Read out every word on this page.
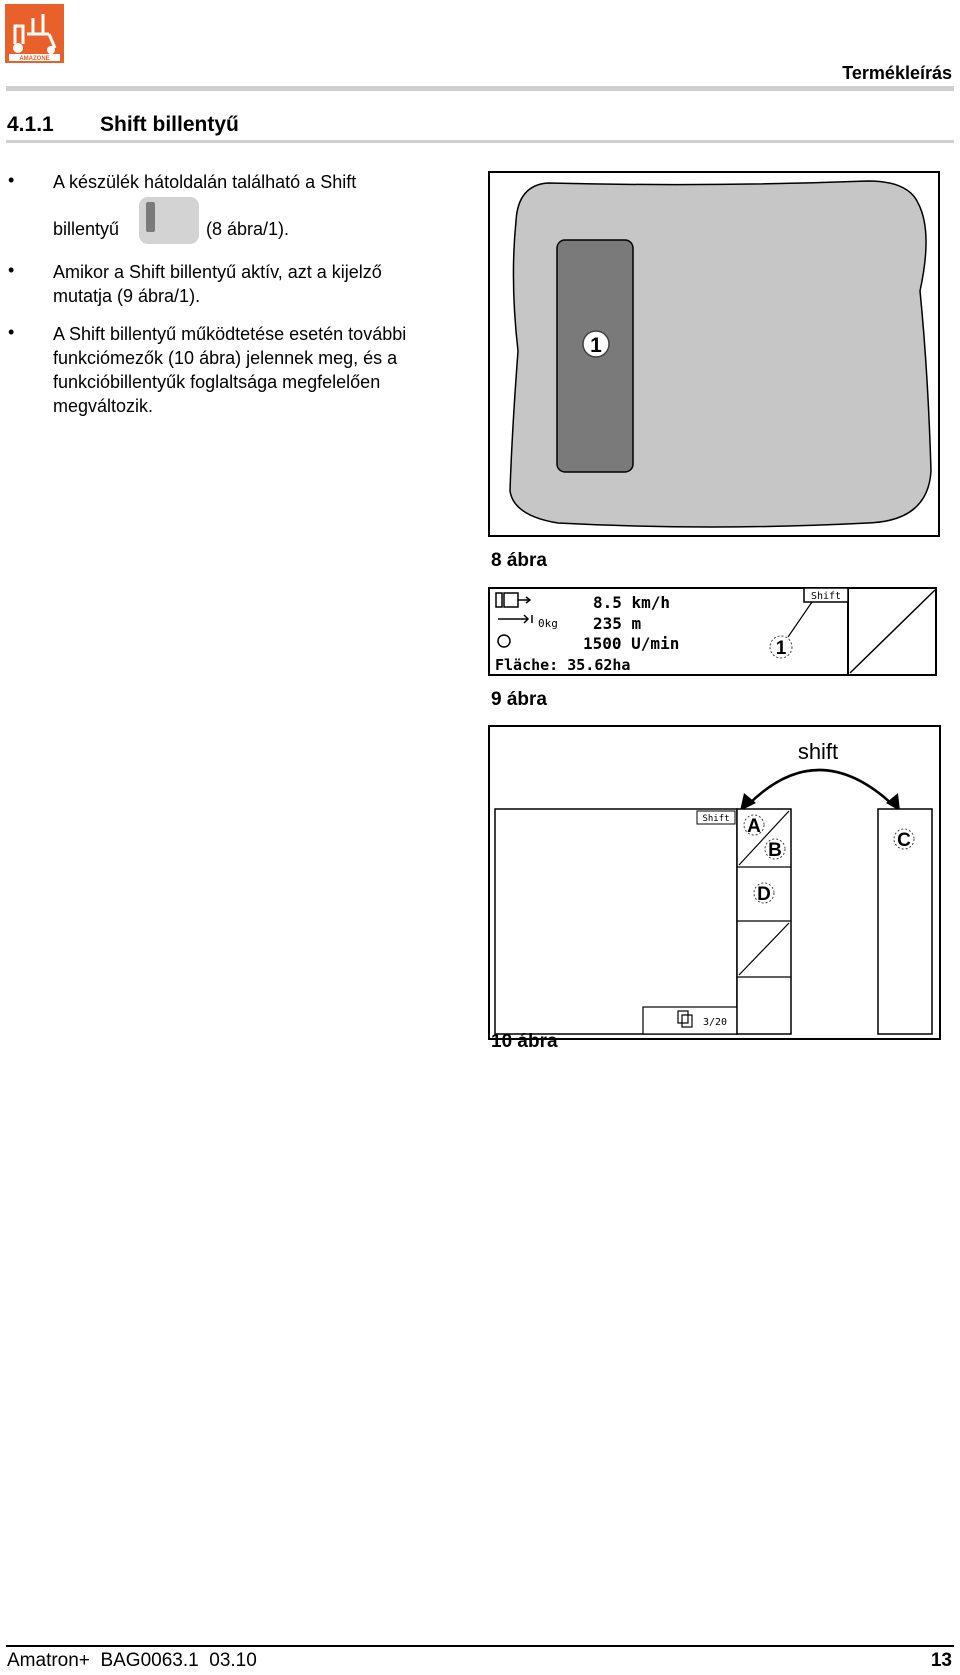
AMAZONE
Termékleírás
4.1.1 Shift billentyű
• A készülék hátoldalán található a Shift
billentyű	(8 ábra/1).
• Amikor a Shift billentyű aktív, azt a kijelző mutatja (9 ábra/1).
• A Shift billentyű működtetése esetén további funkciómezők (10 ábra) jelennek meg, és a funkcióbillentyűk foglaltsága megfelelően megváltozik.
1
8 ábra
0kg
8.5 km/h
235 m
1500 U/min
Fläche: 35.62ha
Shift
1
9 ábra
shift
Shift
3/20
A
B
D
C
10 ábra
Amatron+  BAG0063.1  03.10	13
